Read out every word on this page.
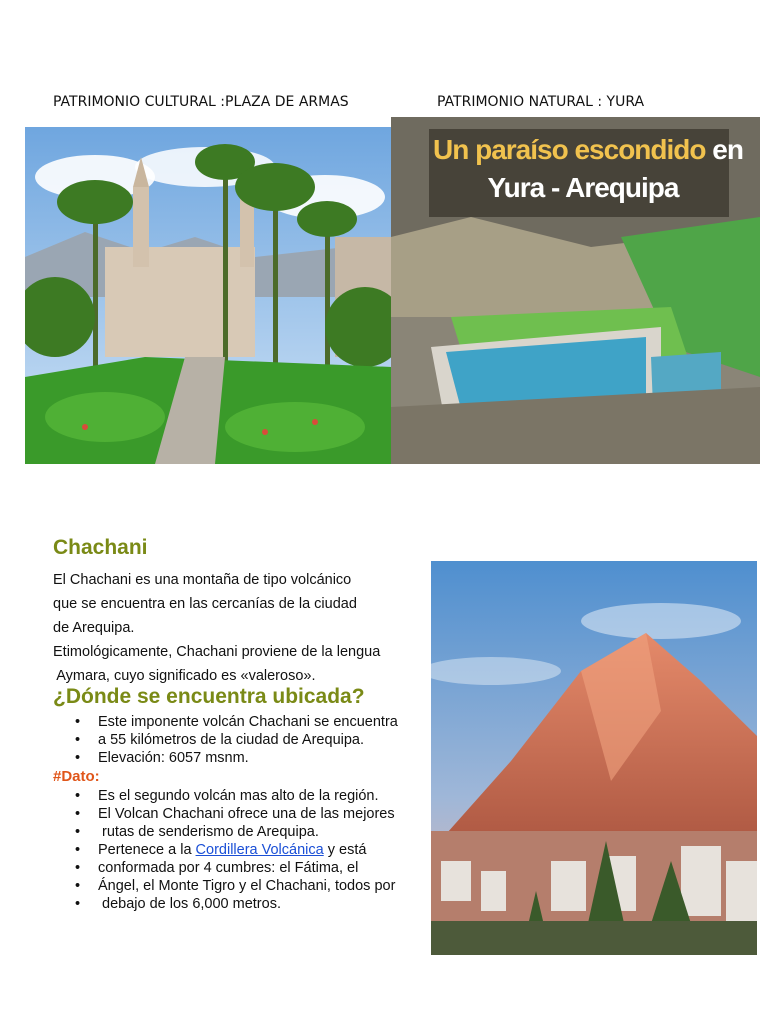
PATRIMONIO CULTURAL :PLAZA DE ARMAS	PATRIMONIO NATURAL : YURA
Un paraíso escondido en
Yura - Arequipa
Chachani
El Chachani es una montaña de tipo volcánico
que se encuentra en las cercanías de la ciudad
de Arequipa.
Etimológicamente, Chachani proviene de la lengua
Aymara, cuyo significado es «valeroso».
¿Dónde se encuentra ubicada?
• Este imponente volcán Chachani se encuentra
• a 55 kilómetros de la ciudad de Arequipa.
• Elevación: 6057 msnm.
#Dato:
• Es el segundo volcán mas alto de la región.
• El Volcan Chachani ofrece una de las mejores
•  rutas de senderismo de Arequipa.
• Pertenece a la Cordillera Volcánica y está
• conformada por 4 cumbres: el Fátima, el
• Ángel, el Monte Tigro y el Chachani, todos por
•  debajo de los 6,000 metros.
